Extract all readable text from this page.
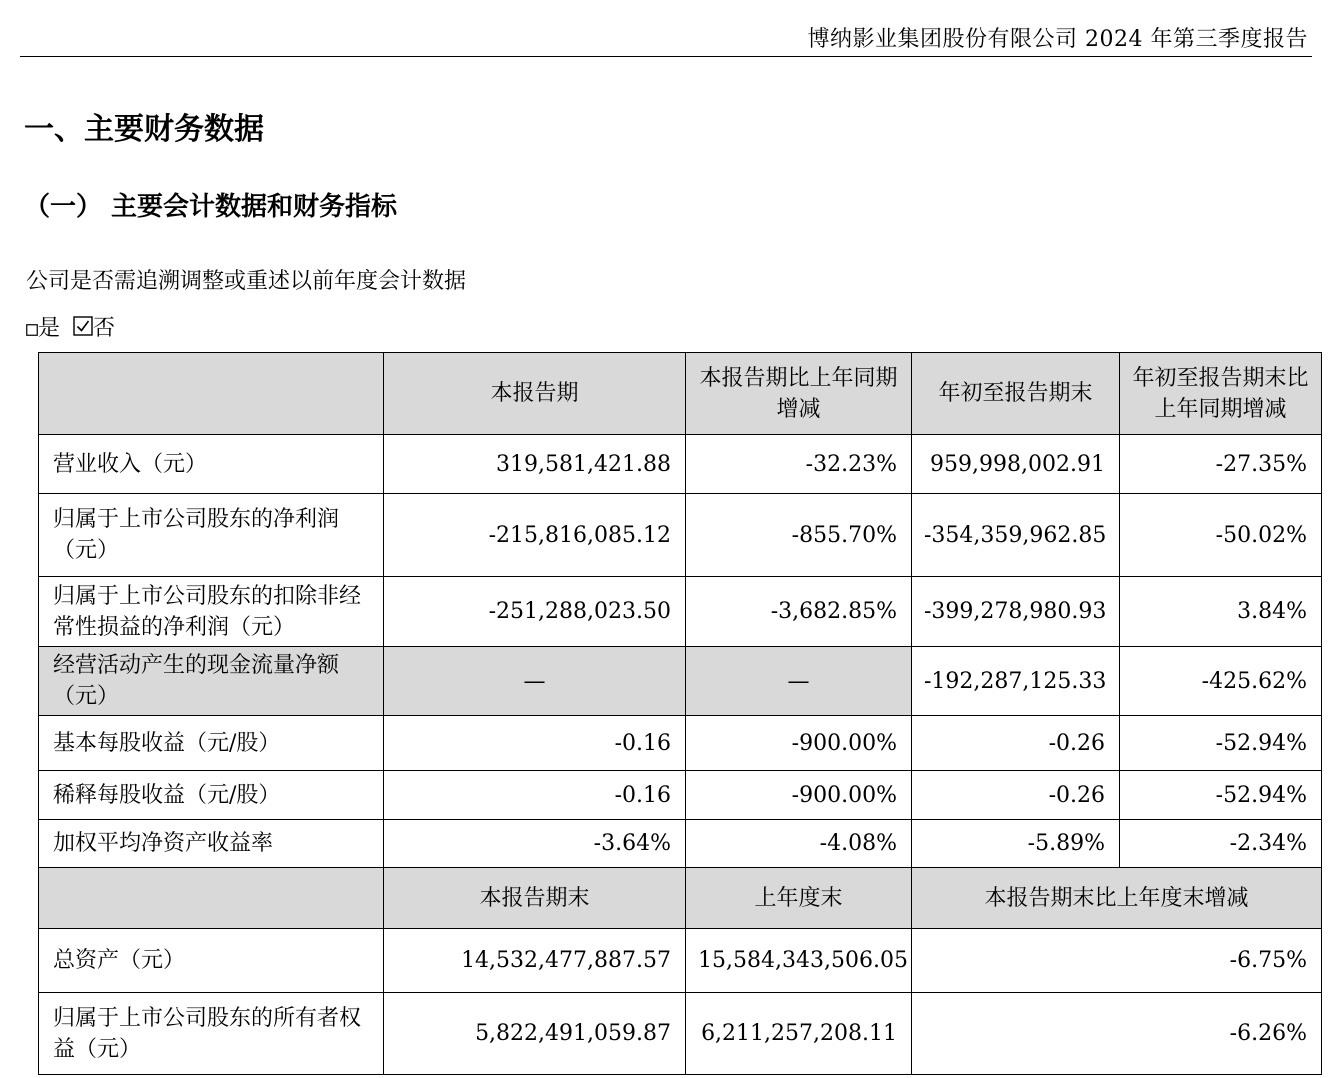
博纳影业集团股份有限公司 2024 年第三季度报告
一、主要财务数据
（一） 主要会计数据和财务指标
公司是否需追溯调整或重述以前年度会计数据
是 否
	本报告期	本报告期比上年同期增减	年初至报告期末	年初至报告期末比上年同期增减
营业收入（元）	319,581,421.88	-32.23%	959,998,002.91	-27.35%
归属于上市公司股东的净利润（元）	-215,816,085.12	-855.70%	-354,359,962.85	-50.02%
归属于上市公司股东的扣除非经常性损益的净利润（元）	-251,288,023.50	-3,682.85%	-399,278,980.93	3.84%
经营活动产生的现金流量净额（元）	—	—	-192,287,125.33	-425.62%
基本每股收益（元/股）	-0.16	-900.00%	-0.26	-52.94%
稀释每股收益（元/股）	-0.16	-900.00%	-0.26	-52.94%
加权平均净资产收益率	-3.64%	-4.08%	-5.89%	-2.34%
	本报告期末	上年度末	本报告期末比上年度末增减	
总资产（元）	14,532,477,887.57	15,584,343,506.05	-6.75%	
归属于上市公司股东的所有者权益（元）	5,822,491,059.87	6,211,257,208.11	-6.26%	
